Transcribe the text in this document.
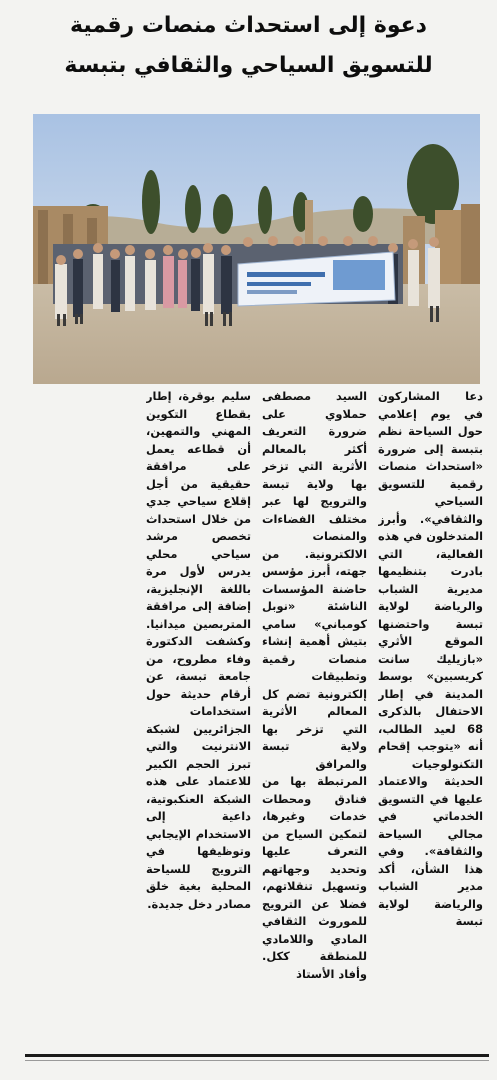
دعوة إلى استحداث منصات رقمية
للتسويق السياحي والثقافي بتبسة
دعا المشاركون في يوم إعلامي حول السياحة نظم بتبسة إلى ضرورة «استحداث منصات رقمية للتسويق السياحي والثقافي». وأبرز المتدخلون في هذه الفعالية، التي بادرت بتنظيمها مديرية الشباب والرياضة لولاية تبسة واحتضنها الموقع الأثري «بازيليك سانت كريسبين» بوسط المدينة في إطار الاحتفال بالذكرى 68 لعيد الطالب، أنه «يتوجب إقحام التكنولوجيات الحديثة والاعتماد عليها في التسويق الخدماتي في مجالي السياحة والثقافة». وفي هذا الشأن، أكد مدير الشباب والرياضة لولاية تبسة
السيد مصطفى حملاوي على ضرورة التعريف أكثر بالمعالم الأثرية التي تزخر بها ولاية تبسة والترويج لها عبر مختلف الفضاءات والمنصات الالكترونية. من جهته، أبرز مؤسس حاضنة المؤسسات الناشئة «نوبل كومباني» سامي بتيش أهمية إنشاء منصات رقمية وتطبيقات إلكترونية تضم كل المعالم الأثرية التي تزخر بها ولاية تبسة والمرافق المرتبطة بها من فنادق ومحطات خدمات وغيرها، لتمكين السياح من التعرف عليها وتحديد وجهاتهم وتسهيل تنقلاتهم، فضلا عن الترويج للموروث الثقافي المادي واللامادي للمنطقة ككل. وأفاد الأستاذ
سليم بوقرة، إطار بقطاع التكوين المهني والتمهين، أن قطاعه يعمل على مرافقة حقيقية من أجل إقلاع سياحي جدي من خلال استحداث تخصص مرشد سياحي محلي يدرس لأول مرة باللغة الإنجليزية، إضافة إلى مرافقة المتربصين ميدانيا. وكشفت الدكتورة وفاء مطروح، من جامعة تبسة، عن أرقام حديثة حول استخدامات الجزائريين لشبكة الانترنيت والتي تبرز الحجم الكبير للاعتماد على هذه الشبكة العنكبوتية، داعية إلى الاستخدام الإيجابي وتوظيفها في الترويج للسياحة المحلية بغية خلق مصادر دخل جديدة.
